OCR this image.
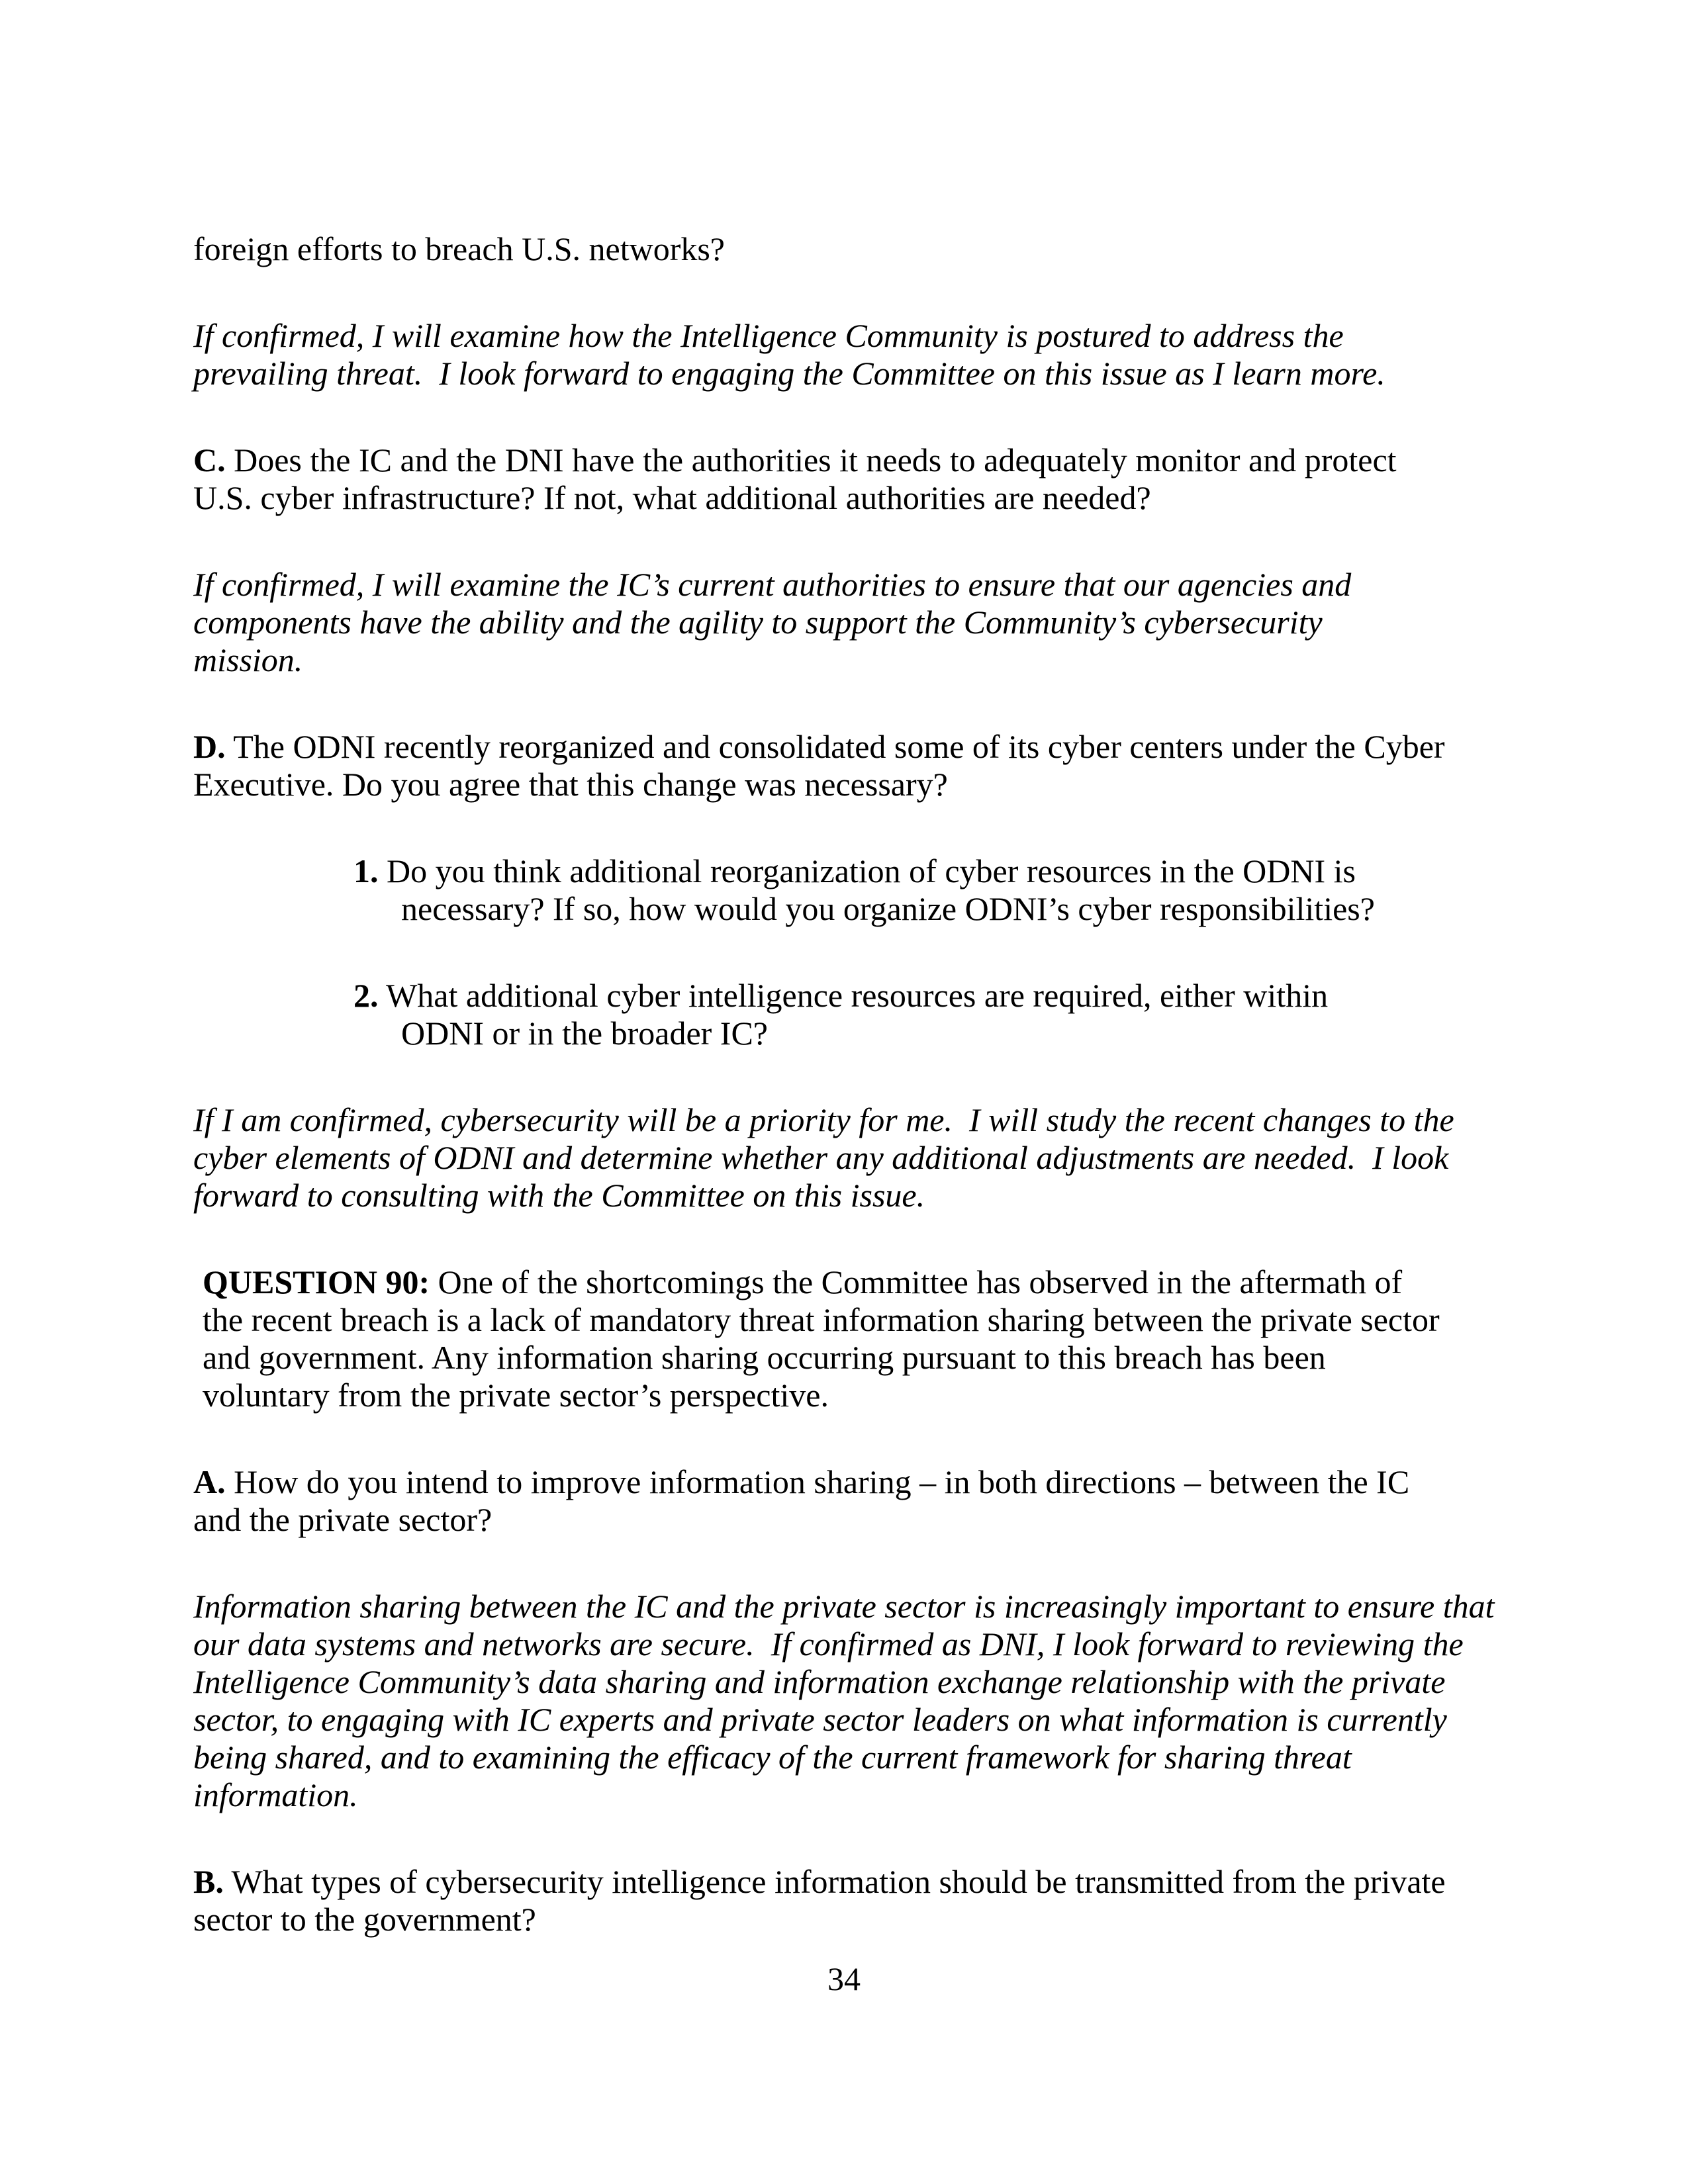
foreign efforts to breach U.S. networks?
If confirmed, I will examine how the Intelligence Community is postured to address the
prevailing threat.  I look forward to engaging the Committee on this issue as I learn more.
C. Does the IC and the DNI have the authorities it needs to adequately monitor and protect
U.S. cyber infrastructure? If not, what additional authorities are needed?
If confirmed, I will examine the IC’s current authorities to ensure that our agencies and
components have the ability and the agility to support the Community’s cybersecurity
mission.
D. The ODNI recently reorganized and consolidated some of its cyber centers under the Cyber
Executive. Do you agree that this change was necessary?
1. Do you think additional reorganization of cyber resources in the ODNI is
necessary? If so, how would you organize ODNI’s cyber responsibilities?
2. What additional cyber intelligence resources are required, either within
ODNI or in the broader IC?
If I am confirmed, cybersecurity will be a priority for me.  I will study the recent changes to the
cyber elements of ODNI and determine whether any additional adjustments are needed.  I look
forward to consulting with the Committee on this issue.
QUESTION 90: One of the shortcomings the Committee has observed in the aftermath of
the recent breach is a lack of mandatory threat information sharing between the private sector
and government. Any information sharing occurring pursuant to this breach has been
voluntary from the private sector’s perspective.
A. How do you intend to improve information sharing – in both directions – between the IC
and the private sector?
Information sharing between the IC and the private sector is increasingly important to ensure that
our data systems and networks are secure.  If confirmed as DNI, I look forward to reviewing the
Intelligence Community’s data sharing and information exchange relationship with the private
sector, to engaging with IC experts and private sector leaders on what information is currently
being shared, and to examining the efficacy of the current framework for sharing threat
information.
B. What types of cybersecurity intelligence information should be transmitted from the private
sector to the government?
34
